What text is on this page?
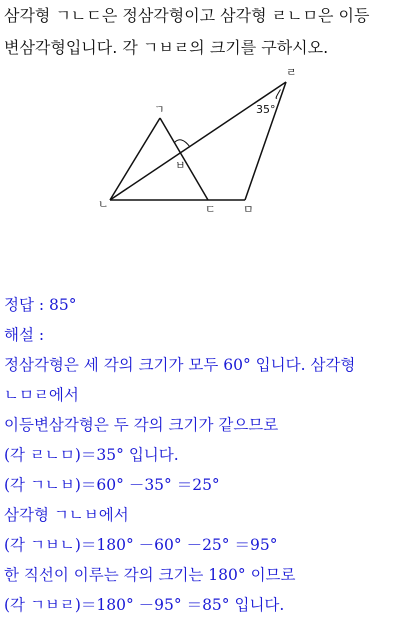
삼각형 ㄱㄴㄷ은 정삼각형이고 삼각형 ㄹㄴㅁ은 이등
변삼각형입니다. 각 ㄱㅂㄹ의 크기를 구하시오.
ㄱ
ㄴ	ㄷ
ㄹ
ㅁ
ㅂ
35°
정답 : 85°
해설 :
정삼각형은 세 각의 크기가 모두 60° 입니다. 삼각형
ㄴㅁㄹ에서
이등변삼각형은 두 각의 크기가 같으므로
(각 ㄹㄴㅁ)＝35° 입니다.
(각 ㄱㄴㅂ)＝60° －35° ＝25°
삼각형 ㄱㄴㅂ에서
(각 ㄱㅂㄴ)＝180° －60° －25° ＝95°
한 직선이 이루는 각의 크기는 180° 이므로
(각 ㄱㅂㄹ)＝180° －95° ＝85° 입니다.
